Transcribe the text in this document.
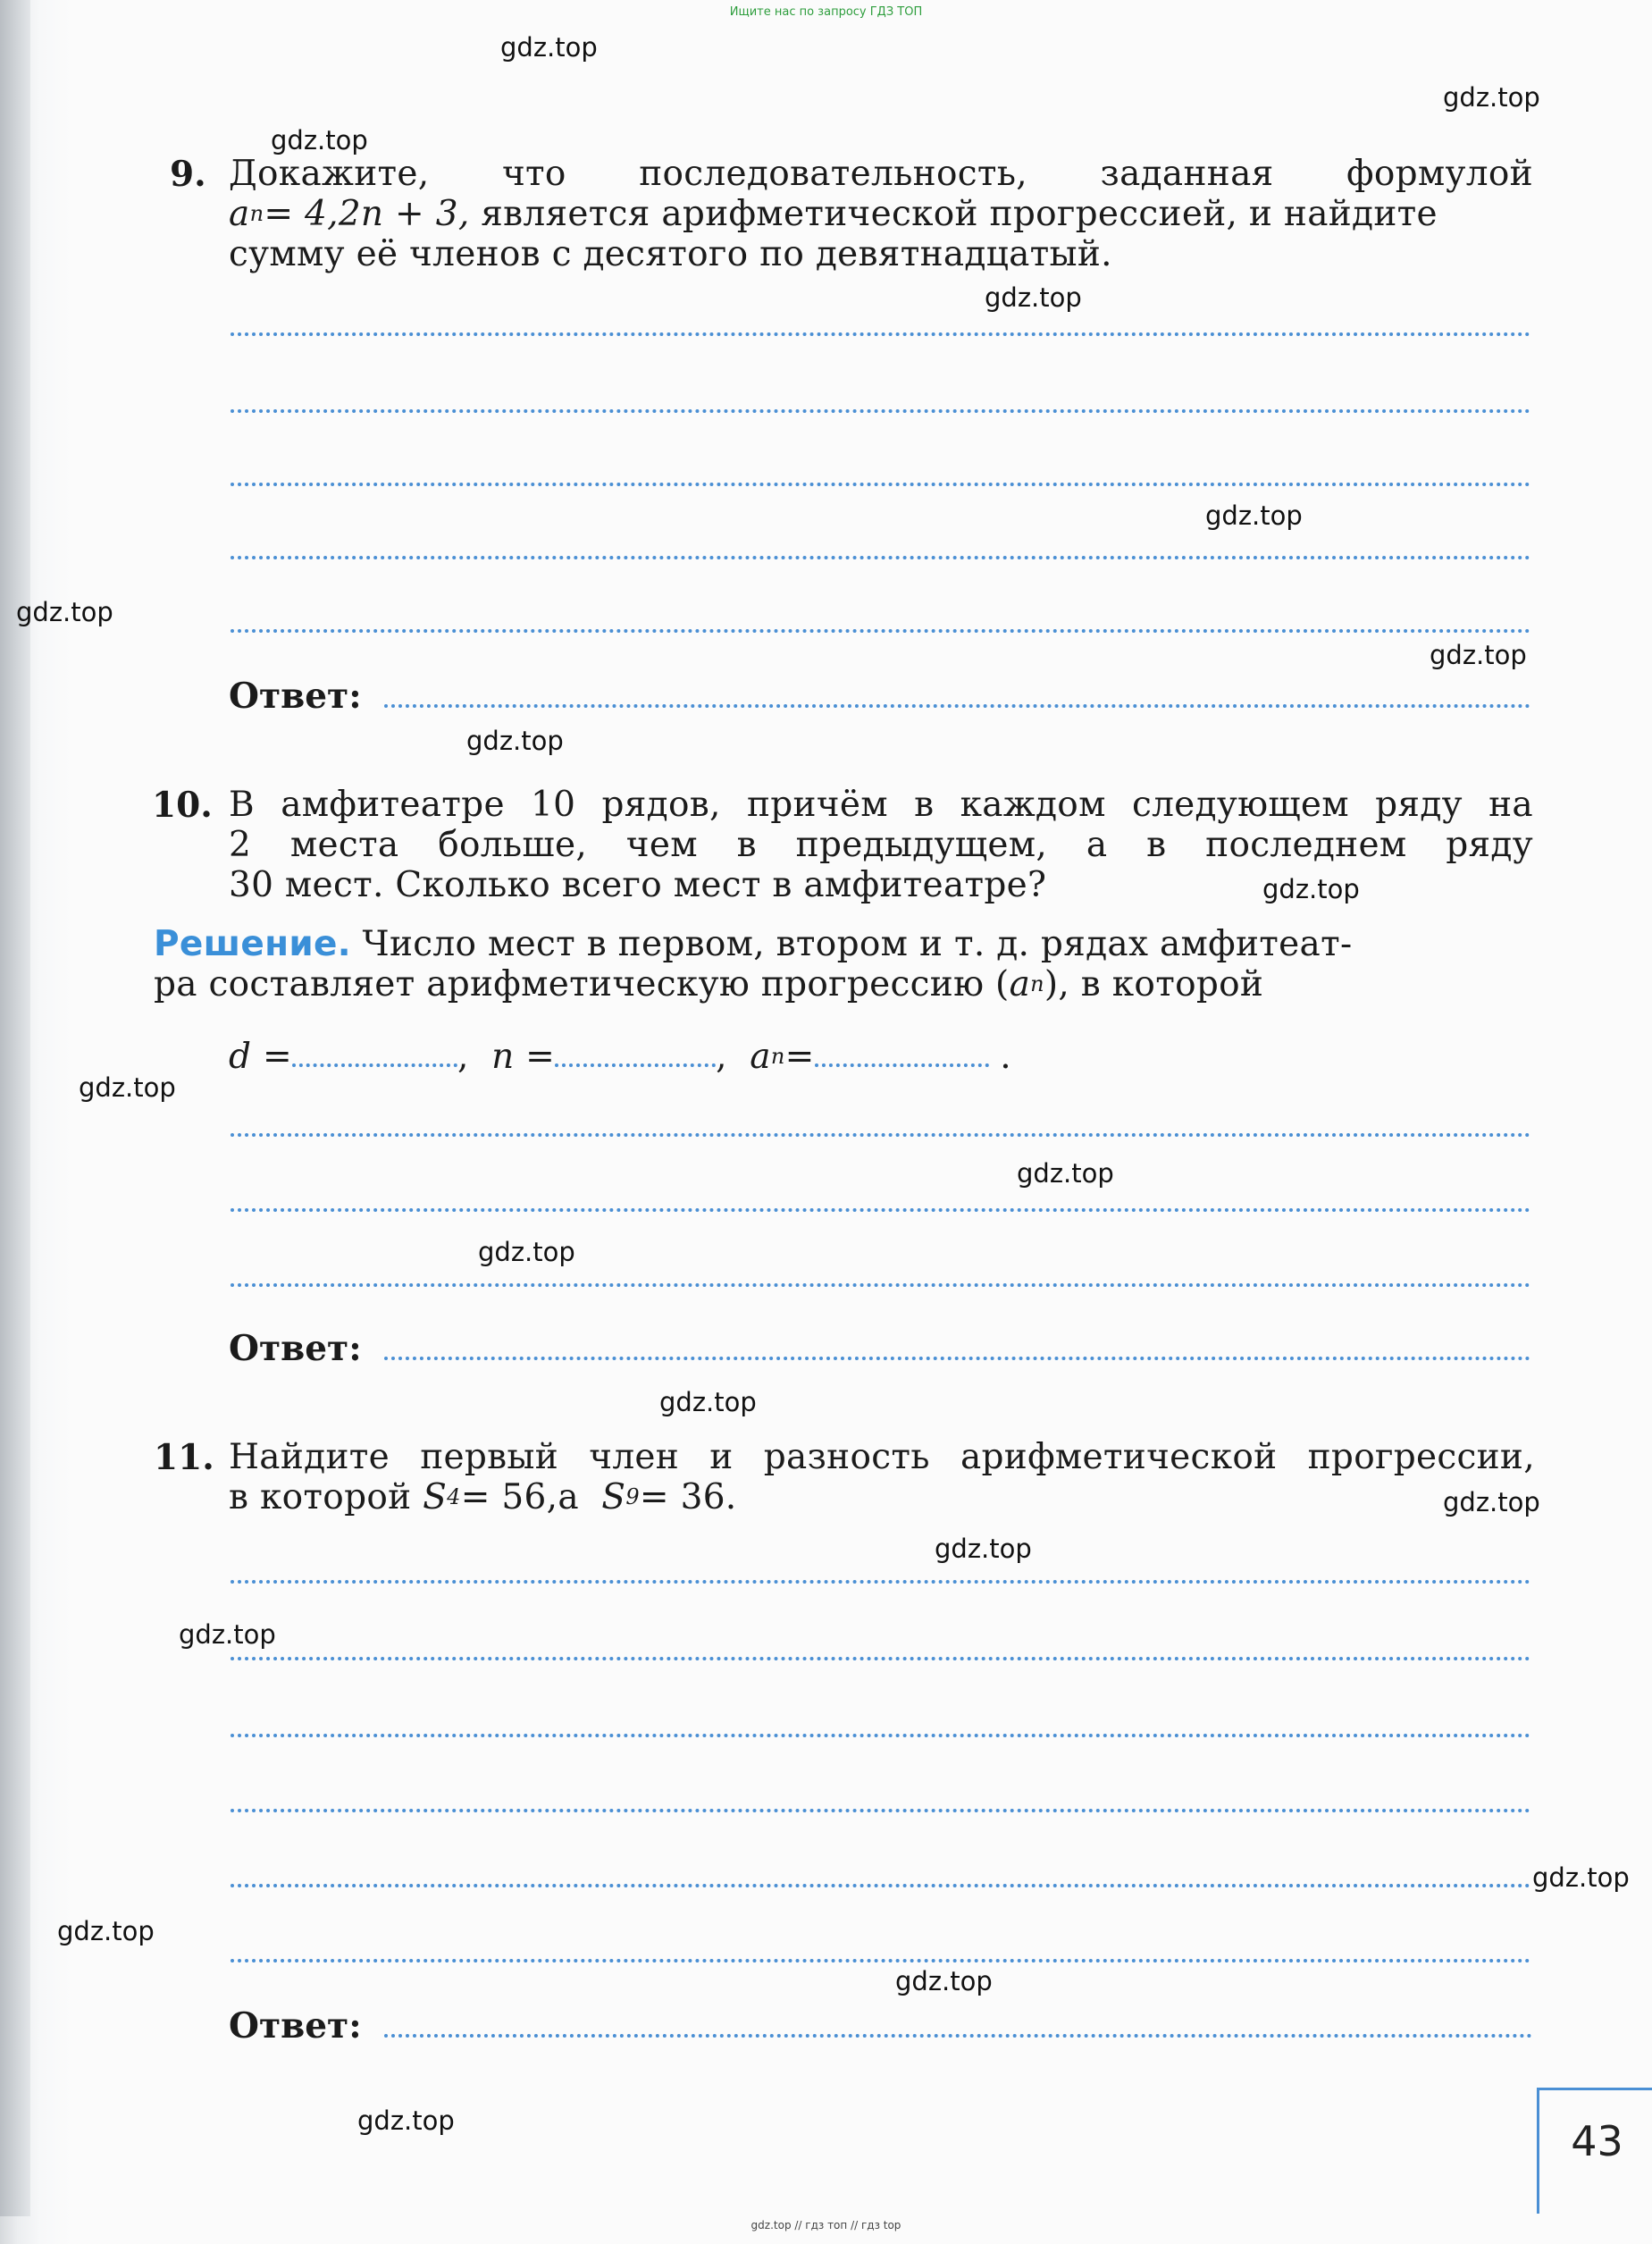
Ищите нас по запросу ГДЗ ТОП
gdz.top
gdz.top
gdz.top
gdz.top
gdz.top
gdz.top
gdz.top
gdz.top
gdz.top
gdz.top
gdz.top
gdz.top
gdz.top
gdz.top
gdz.top
gdz.top
gdz.top
gdz.top
gdz.top
gdz.top
9. Докажите, что последовательность, заданная формулой
a n = 4,2n + 3,
является арифметической прогрессией, и найдите
сумму её членов с десятого по девятнадцатый.
Ответ:
10. В амфитеатре 10 рядов, причём в каждом следующем ряду на
2 места больше, чем в предыдущем, а в последнем ряду
30 мест. Сколько всего мест в амфитеатре?
Решение.
Число мест в первом, втором и т. д. рядах амфитеат-
ра составляет арифметическую прогрессию ( a n ), в которой
d =	,
n =	,
a n =
	.
Ответ:
11. Найдите первый член и разность арифметической прогрессии,
в которой
S 4 = 56, а
S 9 = 36.
Ответ:
43
gdz.top // гдз топ // гдз top
